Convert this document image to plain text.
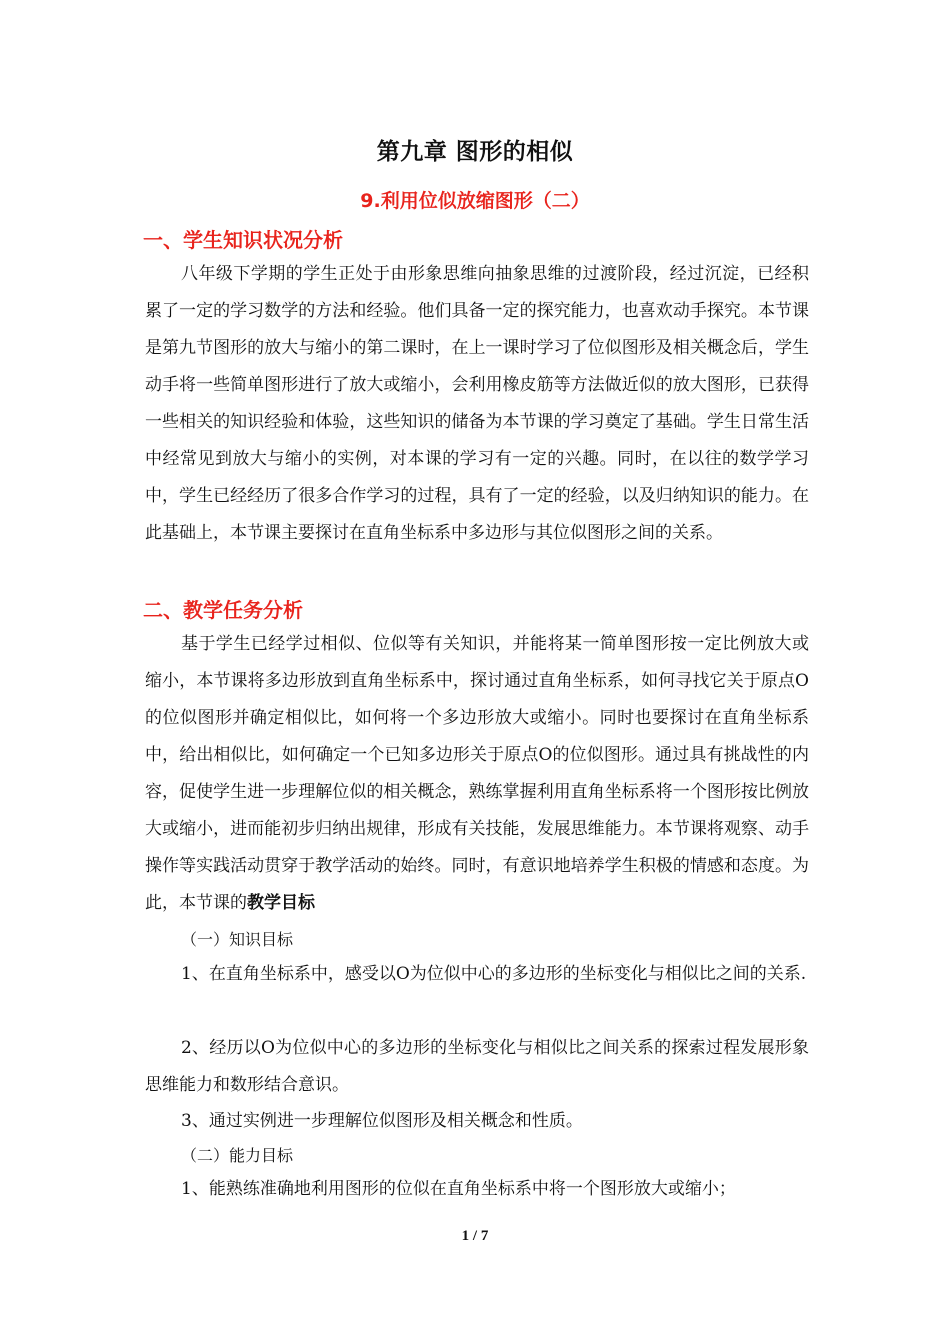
第九章 图形的相似
9.利用位似放缩图形（二）
一、学生知识状况分析
八年级下学期的学生正处于由形象思维向抽象思维的过渡阶段，经过沉淀，已经积累了一定的学习数学的方法和经验。他们具备一定的探究能力，也喜欢动手探究。本节课是第九节图形的放大与缩小的第二课时，在上一课时学习了位似图形及相关概念后，学生动手将一些简单图形进行了放大或缩小，会利用橡皮筋等方法做近似的放大图形，已获得一些相关的知识经验和体验，这些知识的储备为本节课的学习奠定了基础。学生日常生活中经常见到放大与缩小的实例，对本课的学习有一定的兴趣。同时，在以往的数学学习中，学生已经经历了很多合作学习的过程，具有了一定的经验，以及归纳知识的能力。在此基础上，本节课主要探讨在直角坐标系中多边形与其位似图形之间的关系。
二、教学任务分析
基于学生已经学过相似、位似等有关知识，并能将某一简单图形按一定比例放大或缩小，本节课将多边形放到直角坐标系中，探讨通过直角坐标系，如何寻找它关于原点O的位似图形并确定相似比，如何将一个多边形放大或缩小。同时也要探讨在直角坐标系中，给出相似比，如何确定一个已知多边形关于原点O的位似图形。通过具有挑战性的内容，促使学生进一步理解位似的相关概念，熟练掌握利用直角坐标系将一个图形按比例放大或缩小，进而能初步归纳出规律，形成有关技能，发展思维能力。本节课将观察、动手操作等实践活动贯穿于教学活动的始终。同时，有意识地培养学生积极的情感和态度。为此，本节课的教学目标
（一）知识目标
1、在直角坐标系中，感受以O为位似中心的多边形的坐标变化与相似比之间的关系.
2、经历以O为位似中心的多边形的坐标变化与相似比之间关系的探索过程发展形象思维能力和数形结合意识。
3、通过实例进一步理解位似图形及相关概念和性质。
（二）能力目标
1、能熟练准确地利用图形的位似在直角坐标系中将一个图形放大或缩小；
1 / 7
